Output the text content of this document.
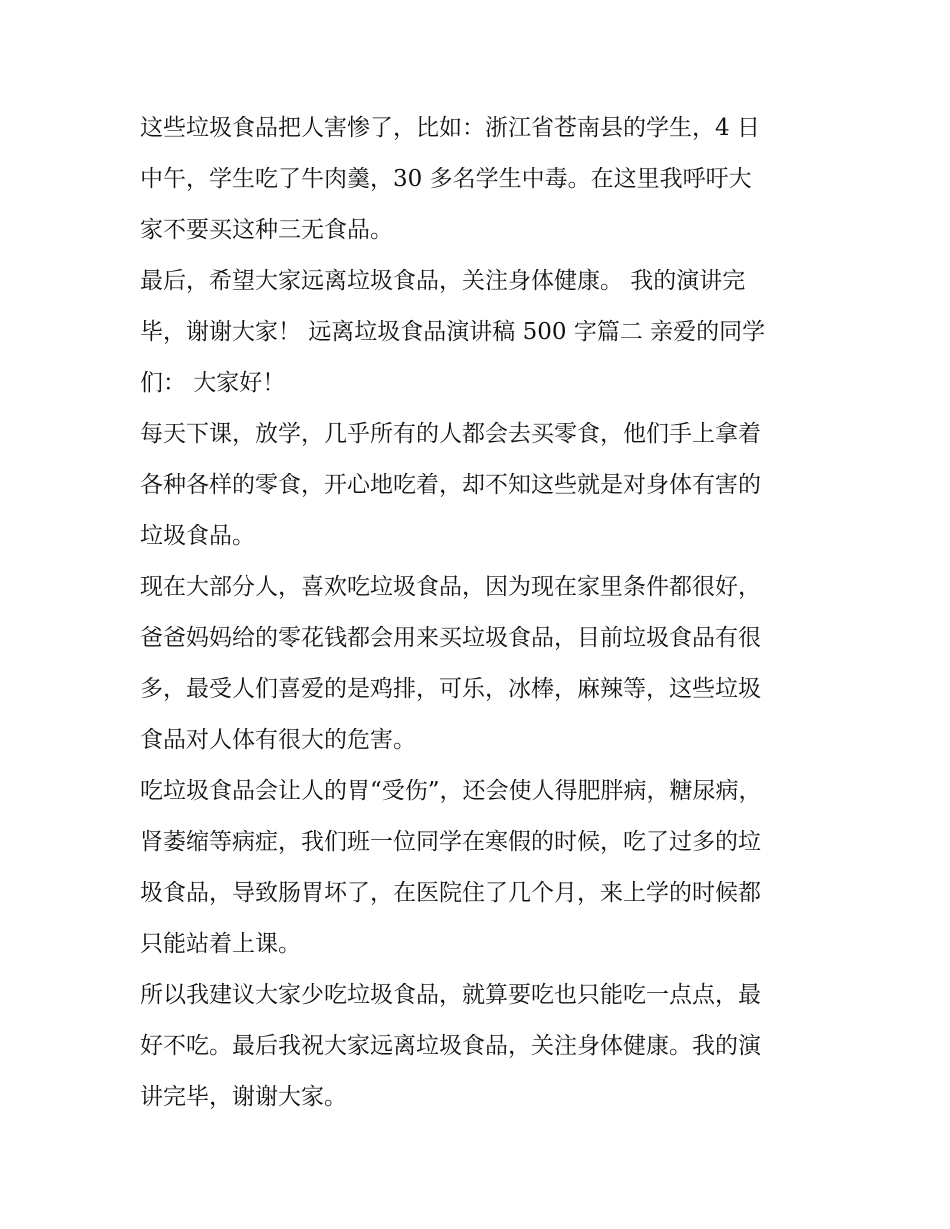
这些垃圾食品把人害惨了，比如：浙江省苍南县的学生，4 日
中午，学生吃了牛肉羹，30 多名学生中毒。在这里我呼吁大
家不要买这种三无食品。

最后，希望大家远离垃圾食品，关注身体健康。 我的演讲完
毕，谢谢大家！ 远离垃圾食品演讲稿 500 字篇二 亲爱的同学
们： 大家好！

每天下课，放学，几乎所有的人都会去买零食，他们手上拿着
各种各样的零食，开心地吃着，却不知这些就是对身体有害的
垃圾食品。

现在大部分人，喜欢吃垃圾食品，因为现在家里条件都很好，
爸爸妈妈给的零花钱都会用来买垃圾食品，目前垃圾食品有很
多，最受人们喜爱的是鸡排，可乐，冰棒，麻辣等，这些垃圾
食品对人体有很大的危害。

吃垃圾食品会让人的胃“受伤”，还会使人得肥胖病，糖尿病，
肾萎缩等病症，我们班一位同学在寒假的时候，吃了过多的垃
圾食品，导致肠胃坏了，在医院住了几个月，来上学的时候都
只能站着上课。

所以我建议大家少吃垃圾食品，就算要吃也只能吃一点点，最
好不吃。最后我祝大家远离垃圾食品，关注身体健康。我的演
讲完毕，谢谢大家。
